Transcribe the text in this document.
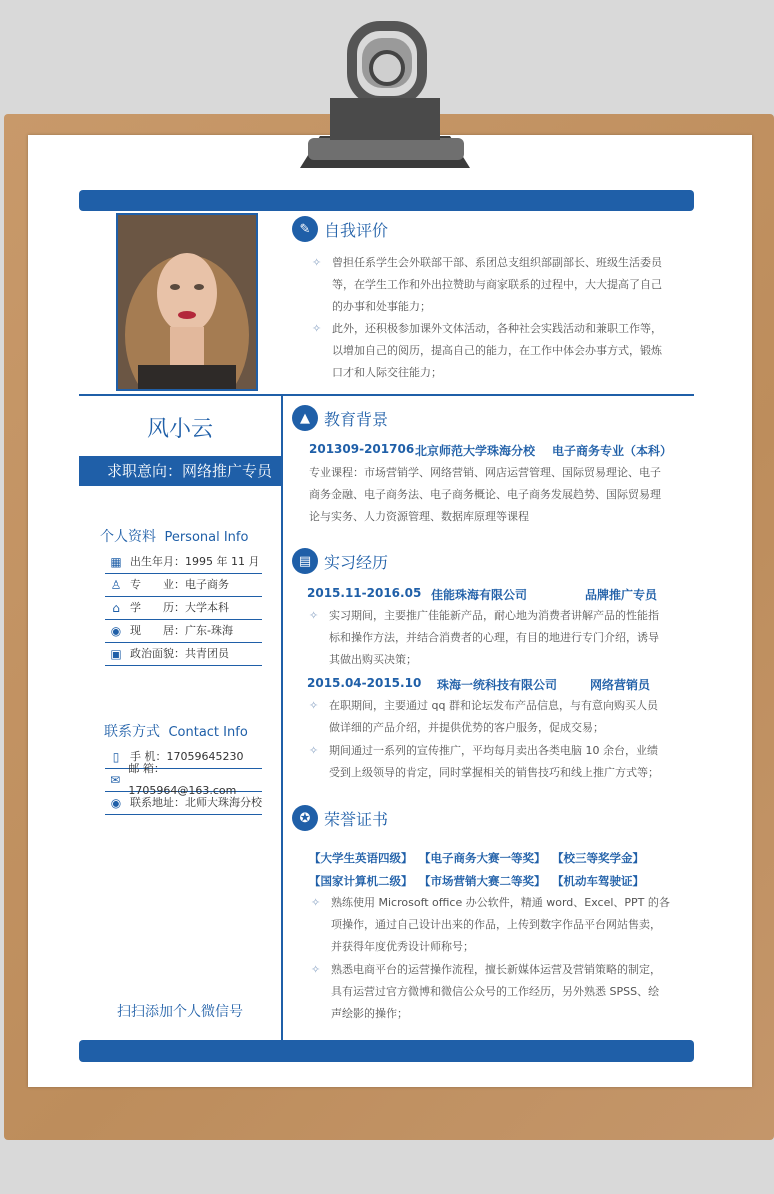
风小云
求职意向：网络推广专员
个人资料 Personal Info
▦ 出生年月：1995 年 11 月
♙ 专　　业：电子商务
⌂ 学　　历：大学本科
◉ 现　　居：广东-珠海
▣ 政治面貌：共青团员
联系方式 Contact Info
▯ 手 机：17059645230
✉
邮 箱：1705964@163.com
◉ 联系地址：北师大珠海分校
扫扫添加个人微信号
✎ 自我评价
✧ 曾担任系学生会外联部干部、系团总支组织部副部长、班级生活委员
等，在学生工作和外出拉赞助与商家联系的过程中，大大提高了自己
的办事和处事能力；
✧ 此外，还积极参加课外文体活动，各种社会实践活动和兼职工作等，
以增加自己的阅历，提高自己的能力，在工作中体会办事方式，锻炼
口才和人际交往能力；
▲ 教育背景
201309-201706 北京师范大学珠海分校 电子商务专业（本科）
专业课程：市场营销学、网络营销、网店运营管理、国际贸易理论、电子
商务金融、电子商务法、电子商务概论、电子商务发展趋势、国际贸易理
论与实务、人力资源管理、数据库原理等课程
▤ 实习经历
2015.11-2016.05 佳能珠海有限公司	品牌推广专员
✧ 实习期间，主要推广佳能新产品，耐心地为消费者讲解产品的性能指
标和操作方法，并结合消费者的心理，有目的地进行专门介绍，诱导
其做出购买决策；
2015.04-2015.10 珠海一统科技有限公司	网络营销员
✧ 在职期间，主要通过 qq 群和论坛发布产品信息，与有意向购买人员
做详细的产品介绍，并提供优势的客户服务，促成交易；
✧ 期间通过一系列的宣传推广，平均每月卖出各类电脑 10 余台，业绩
受到上级领导的肯定，同时掌握相关的销售技巧和线上推广方式等；
✪ 荣誉证书
【大学生英语四级】 【电子商务大赛一等奖】 【校三等奖学金】
【国家计算机二级】 【市场营销大赛二等奖】 【机动车驾驶证】
✧ 熟练使用 Microsoft office 办公软件，精通 word、Excel、PPT 的各
项操作，通过自己设计出来的作品，上传到数字作品平台网站售卖，
并获得年度优秀设计师称号；
✧ 熟悉电商平台的运营操作流程，擅长新媒体运营及营销策略的制定，
具有运营过官方微博和微信公众号的工作经历，另外熟悉 SPSS、绘
声绘影的操作；
